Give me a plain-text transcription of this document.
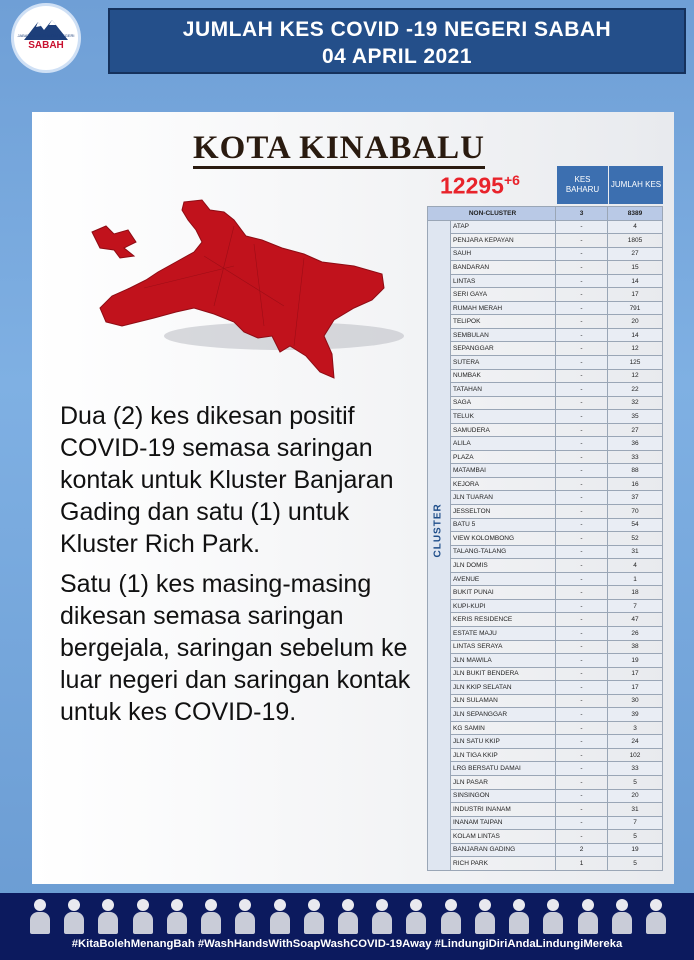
JABATAN KESIHATAN NEGERI
SABAH
JUMLAH KES COVID -19 NEGERI SABAH
04 APRIL 2021
KOTA KINABALU
$12295^{+6}$

Dua (2) kes dikesan positif COVID-19 semasa saringan kontak untuk Kluster Banjaran Gading dan satu (1) untuk Kluster Rich Park.

Satu (1) kes masing-masing dikesan semasa saringan bergejala, saringan sebelum ke luar negeri dan saringan kontak untuk kes COVID-19.

KES BAHARU
JUMLAH KES
NON-CLUSTER		3	8389
	ATAP	-	4
	PENJARA KEPAYAN	-	1805
	SAUH	-	27
	BANDARAN	-	15
	LINTAS	-	14
	SERI GAYA	-	17
	RUMAH MERAH	-	791
	TELIPOK	-	20
	SEMBULAN	-	14
	SEPANGGAR	-	12
	SUTERA	-	125
	NUMBAK	-	12
	TATAHAN	-	22
	SAGA	-	32
	TELUK	-	35
	SAMUDERA	-	27
	ALILA	-	36
	PLAZA	-	33
	MATAMBAI	-	88
	KEJORA	-	16
	JLN TUARAN	-	37
	JESSELTON	-	70
	BATU 5	-	54
	VIEW KOLOMBONG	-	52
	TALANG-TALANG	-	31
	JLN DOMIS	-	4
	AVENUE	-	1
	BUKIT PUNAI	-	18
	KUPI-KUPI	-	7
	KERIS RESIDENCE	-	47
	ESTATE MAJU	-	26
	LINTAS SERAYA	-	38
	JLN MAWILA	-	19
	JLN BUKIT BENDERA	-	17
	JLN KKIP SELATAN	-	17
	JLN SULAMAN	-	30
	JLN SEPANGGAR	-	39
	KG SAMIN	-	3
	JLN SATU KKIP	-	24
	JLN TIGA KKIP	-	102
	LRG BERSATU DAMAI	-	33
	JLN PASAR	-	5
	SINSINGON	-	20
	INDUSTRI INANAM	-	31
	INANAM TAIPAN	-	7
	KOLAM LINTAS	-	5
	BANJARAN GADING	2	19
	RICH PARK	1	5
#KitaBolehMenangBah #WashHandsWithSoapWashCOVID-19Away #LindungiDiriAndaLindungiMereka
